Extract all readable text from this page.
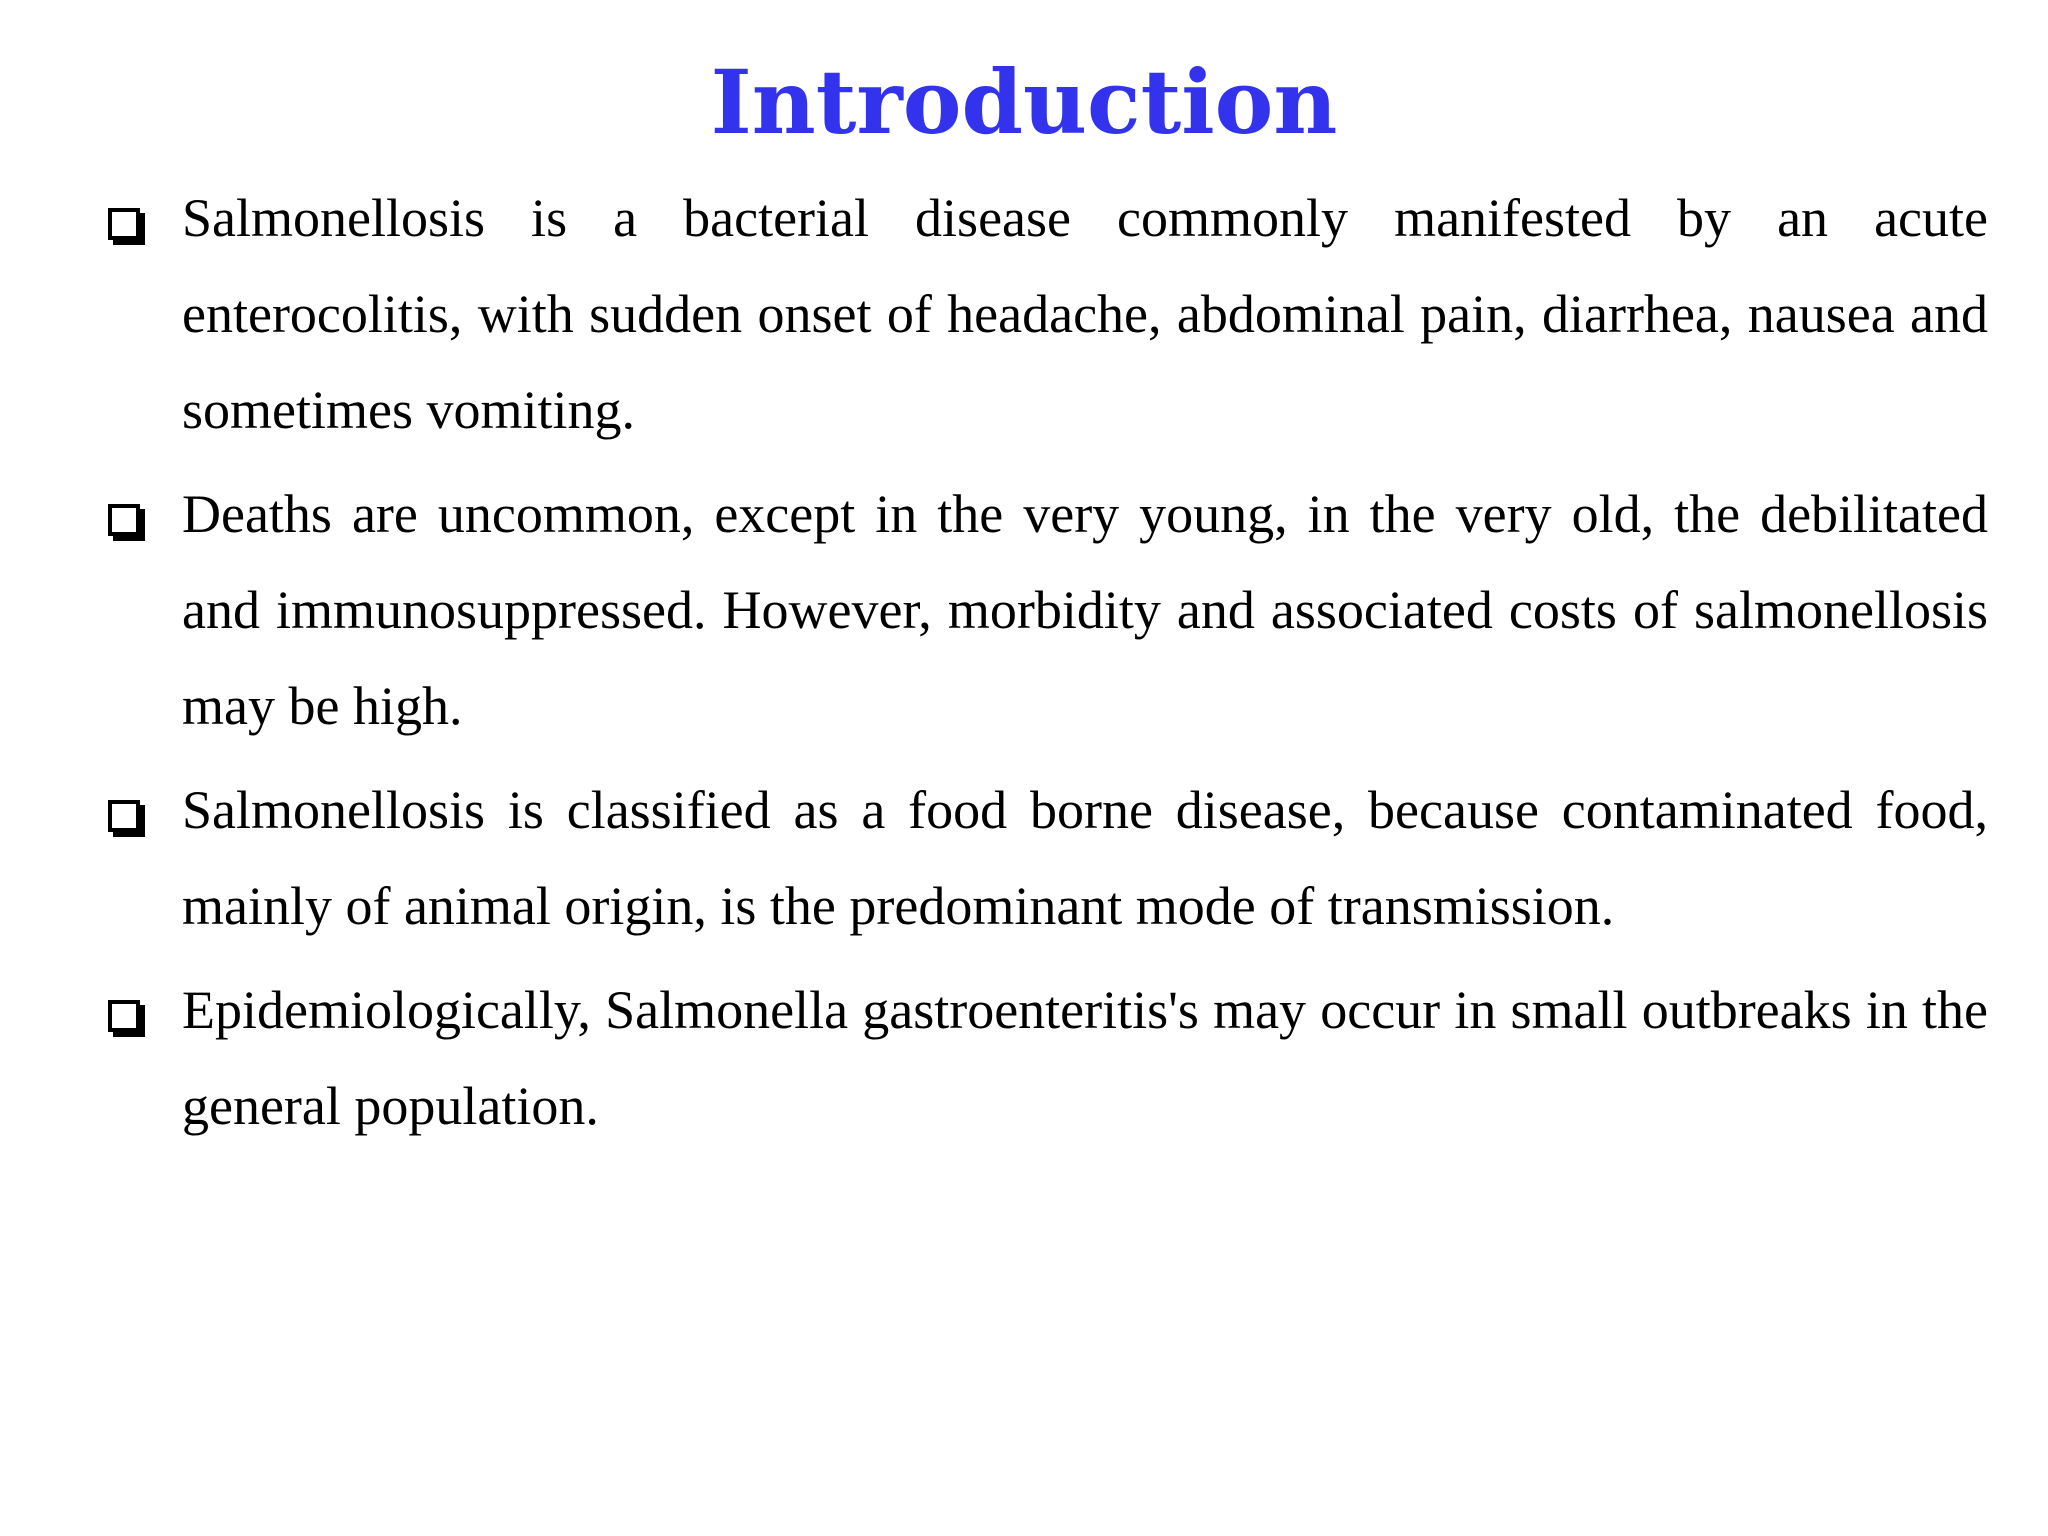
Introduction

Salmonellosis is a bacterial disease commonly manifested by an acute enterocolitis, with sudden onset of headache, abdominal pain, diarrhea, nausea and sometimes vomiting.

Deaths are uncommon, except in the very young, in the very old, the debilitated and immunosuppressed. However, morbidity and associated costs of salmonellosis may be high.

Salmonellosis is classified as a food borne disease, because contaminated food, mainly of animal origin, is the predominant mode of transmission.

Epidemiologically, Salmonella gastroenteritis's may occur in small outbreaks in the general population.
